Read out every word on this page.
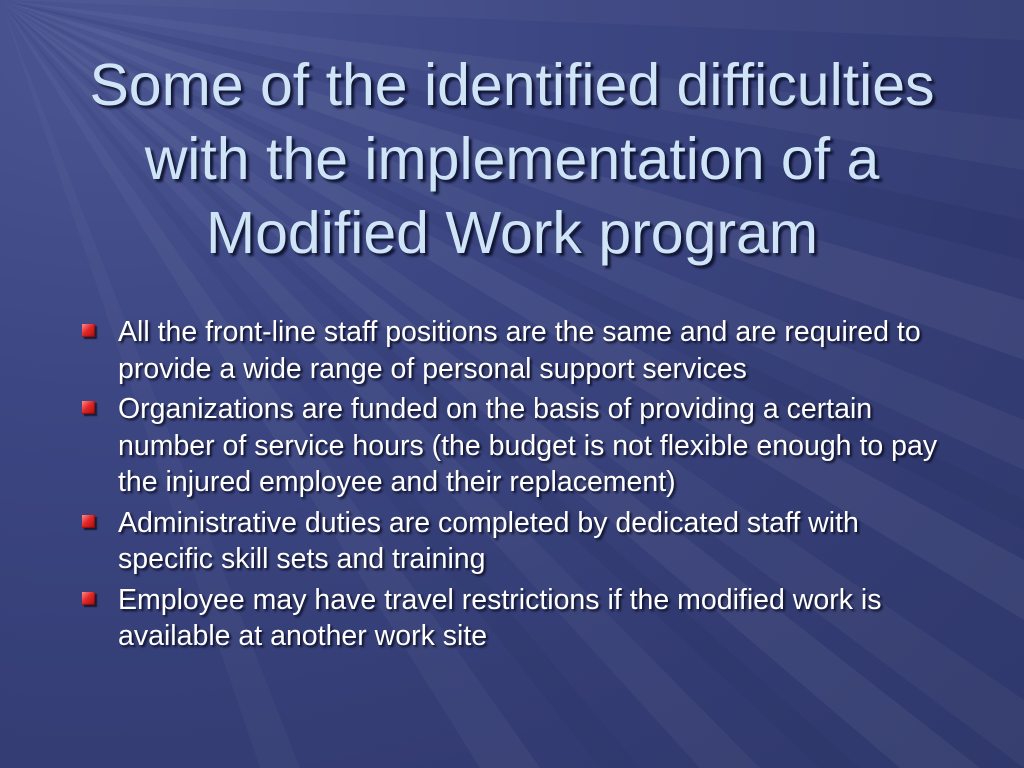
Some of the identified difficulties with the implementation of a Modified Work program
All the front-line staff positions are the same and are required to provide a wide range of personal support services
Organizations are funded on the basis of providing a certain number of service hours (the budget is not flexible enough to pay the injured employee and their replacement)
Administrative duties are completed by dedicated staff with specific skill sets and training
Employee may have travel restrictions if the modified work is available at another work site
